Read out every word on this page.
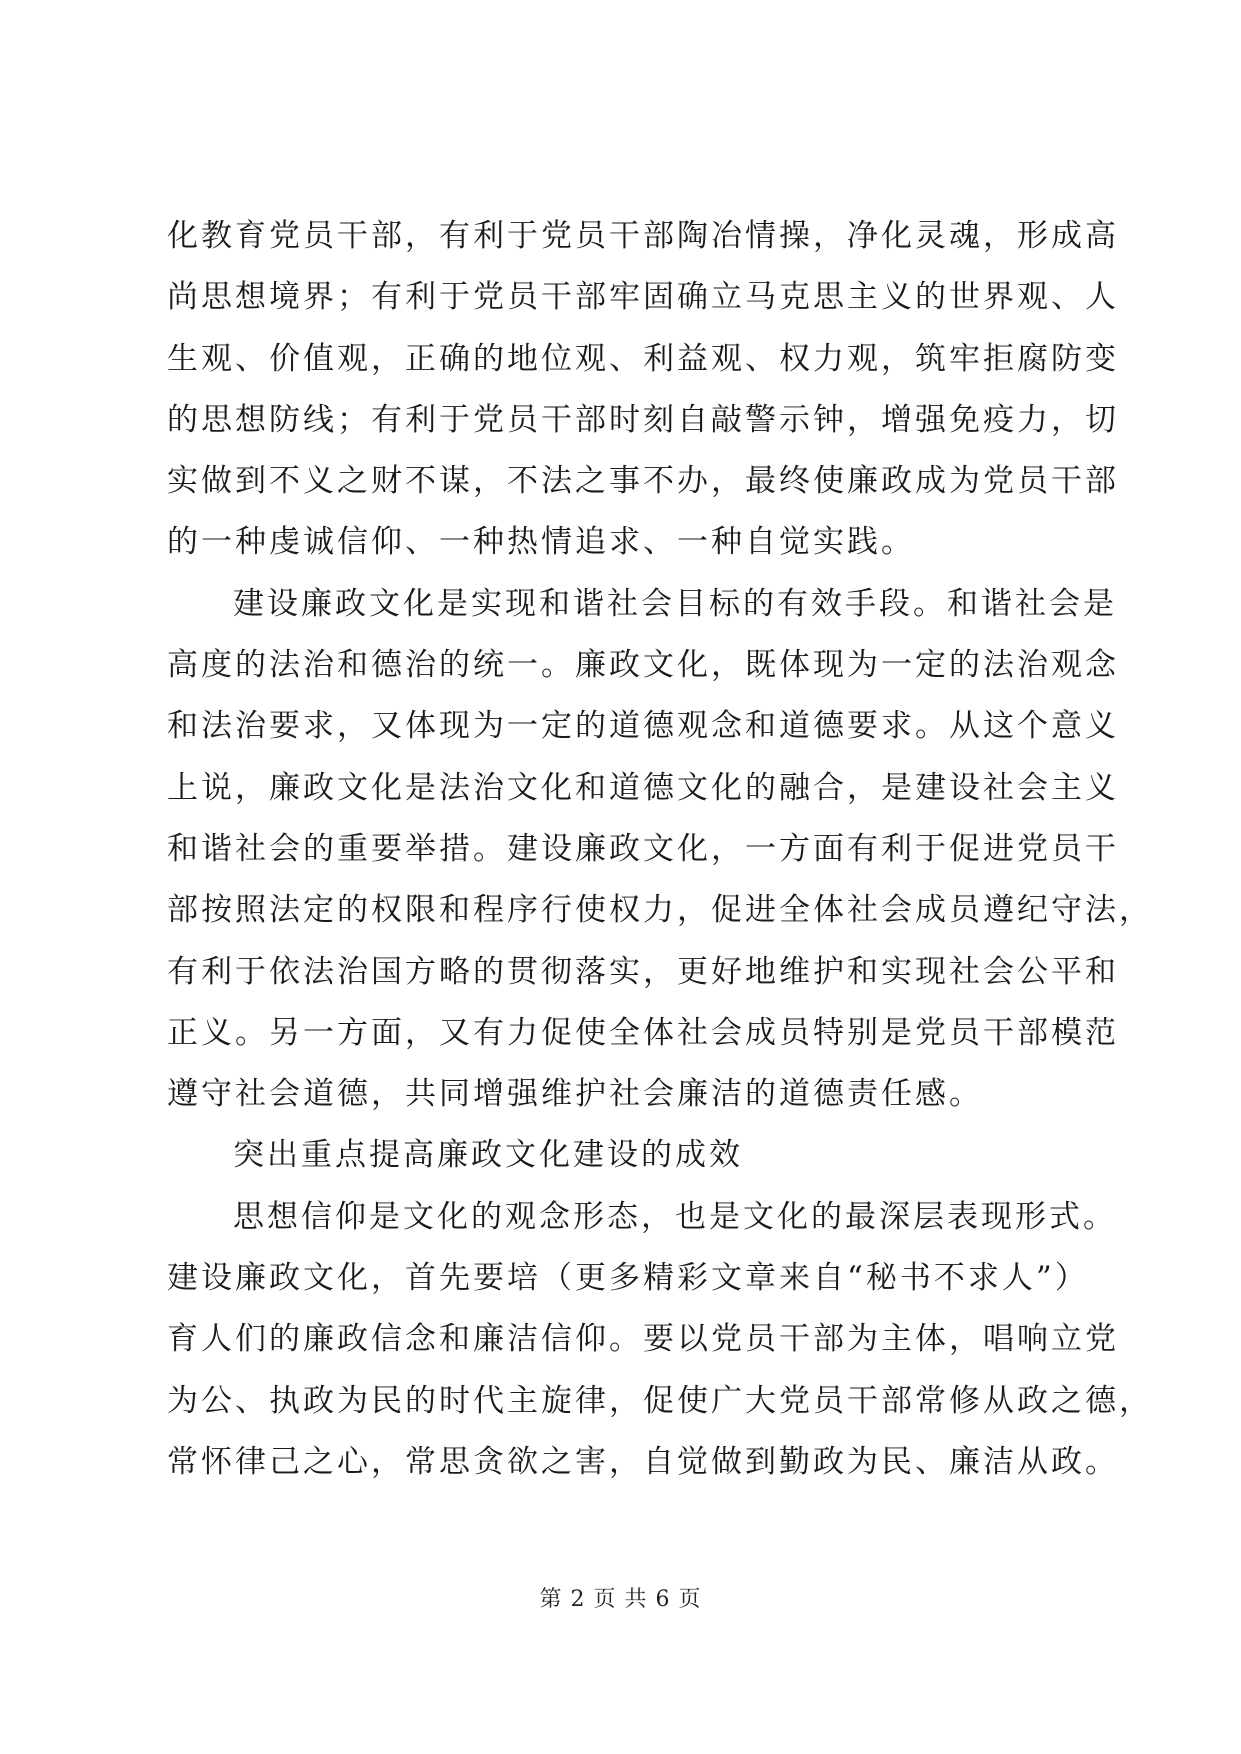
化教育党员干部，有利于党员干部陶冶情操，净化灵魂，形成高
尚思想境界；有利于党员干部牢固确立马克思主义的世界观、人
生观、价值观，正确的地位观、利益观、权力观，筑牢拒腐防变
的思想防线；有利于党员干部时刻自敲警示钟，增强免疫力，切
实做到不义之财不谋，不法之事不办，最终使廉政成为党员干部
的一种虔诚信仰、一种热情追求、一种自觉实践。
建设廉政文化是实现和谐社会目标的有效手段。和谐社会是
高度的法治和德治的统一。廉政文化，既体现为一定的法治观念
和法治要求，又体现为一定的道德观念和道德要求。从这个意义
上说，廉政文化是法治文化和道德文化的融合，是建设社会主义
和谐社会的重要举措。建设廉政文化，一方面有利于促进党员干
部按照法定的权限和程序行使权力，促进全体社会成员遵纪守法，
有利于依法治国方略的贯彻落实，更好地维护和实现社会公平和
正义。另一方面，又有力促使全体社会成员特别是党员干部模范
遵守社会道德，共同增强维护社会廉洁的道德责任感。
突出重点提高廉政文化建设的成效
思想信仰是文化的观念形态，也是文化的最深层表现形式。
建设廉政文化，首先要培（更多精彩文章来自“秘书不求人”）
育人们的廉政信念和廉洁信仰。要以党员干部为主体，唱响立党
为公、执政为民的时代主旋律，促使广大党员干部常修从政之德，
常怀律己之心，常思贪欲之害，自觉做到勤政为民、廉洁从政。
第 2 页 共 6 页
